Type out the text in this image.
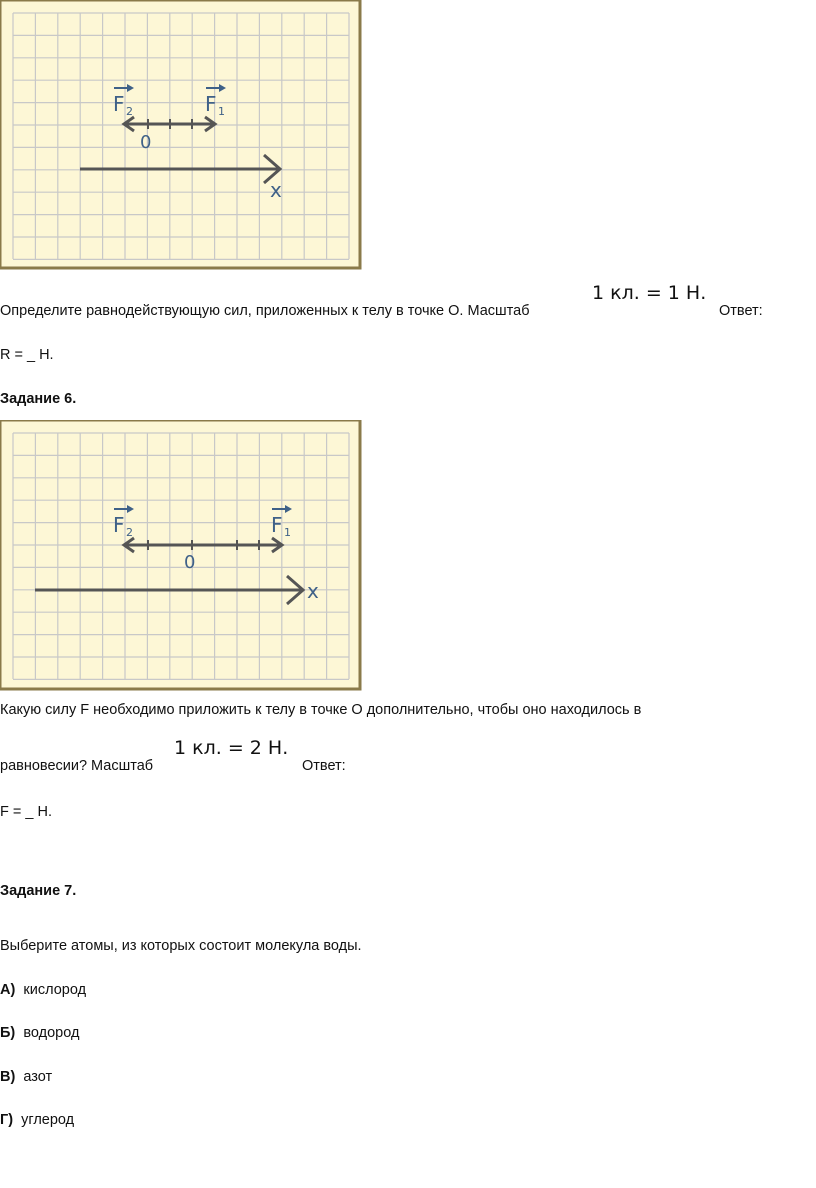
F 2	F 1
0
x
Определите равнодействующую сил, приложенных к телу в точке О. Масштаб
1 кл. = 1 Н.
Ответ:
R = _ Н.
Задание 6.
F 2	F 1
0
x
Какую силу F необходимо приложить к телу в точке О дополнительно, чтобы оно находилось в
1 кл. = 2 Н.
равновесии? Масштаб	Ответ:
F = _ Н.
Задание 7.
Выберите атомы, из которых состоит молекула воды.
А) кислород
Б) водород
В) азот
Г) углерод
